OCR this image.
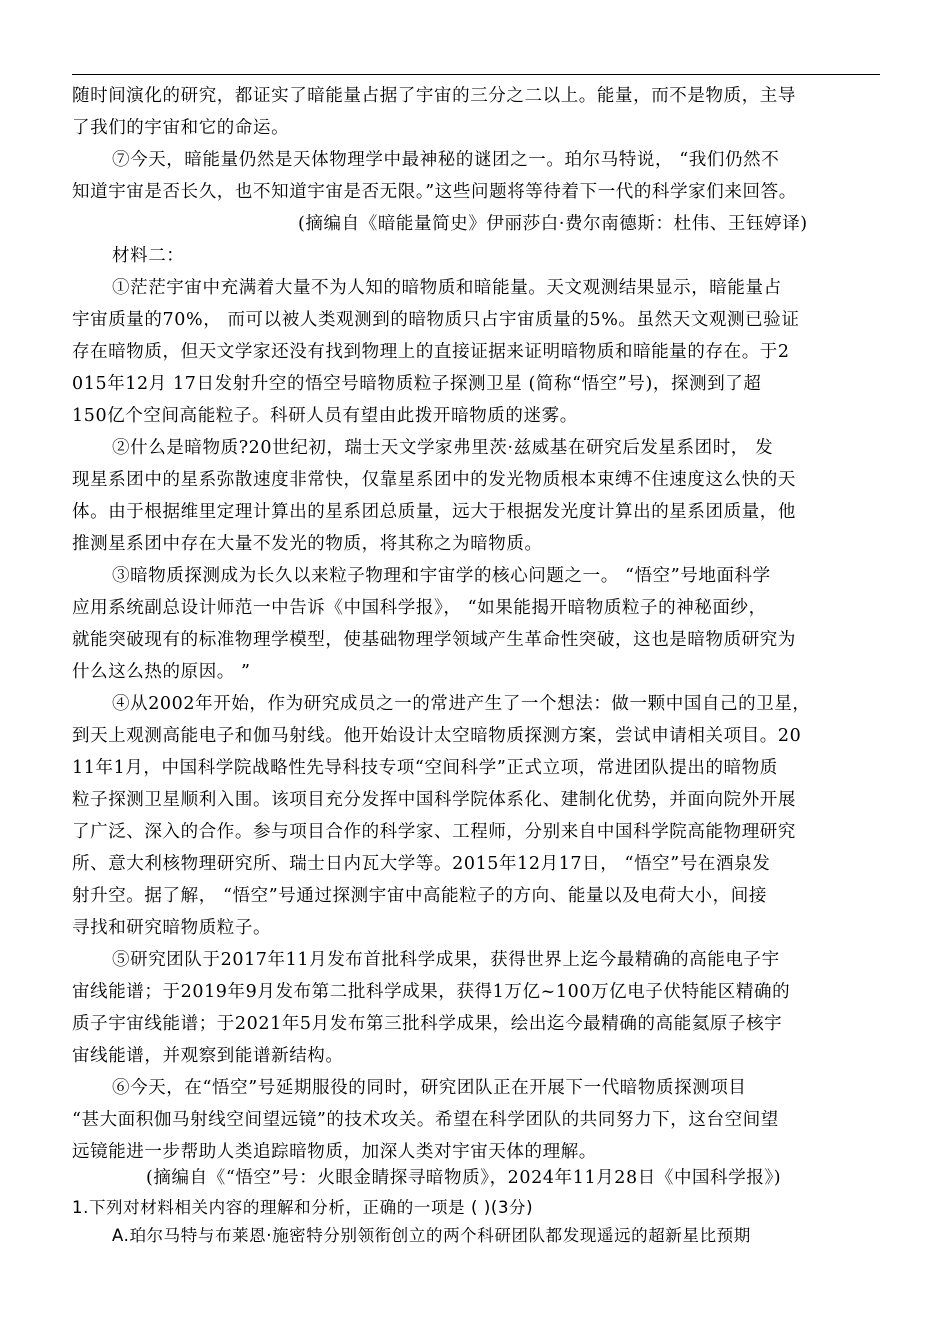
随时间演化的研究，都证实了暗能量占据了宇宙的三分之二以上。能量，而不是物质，主导
了我们的宇宙和它的命运。
⑦今天，暗能量仍然是天体物理学中最神秘的谜团之一。珀尔马特说， “我们仍然不
知道宇宙是否长久，也不知道宇宙是否无限。”这些问题将等待着下一代的科学家们来回答。
(摘编自《暗能量简史》伊丽莎白·费尔南德斯：杜伟、王钰婷译)
材料二：
①茫茫宇宙中充满着大量不为人知的暗物质和暗能量。天文观测结果显示，暗能量占
宇宙质量的70%， 而可以被人类观测到的暗物质只占宇宙质量的5%。虽然天文观测已验证
存在暗物质，但天文学家还没有找到物理上的直接证据来证明暗物质和暗能量的存在。于2
015年12月 17日发射升空的悟空号暗物质粒子探测卫星 (简称“悟空”号)，探测到了超
150亿个空间高能粒子。科研人员有望由此拨开暗物质的迷雾。
②什么是暗物质?20世纪初，瑞士天文学家弗里茨·兹威基在研究后发星系团时， 发
现星系团中的星系弥散速度非常快，仅靠星系团中的发光物质根本束缚不住速度这么快的天
体。由于根据维里定理计算出的星系团总质量，远大于根据发光度计算出的星系团质量，他
推测星系团中存在大量不发光的物质，将其称之为暗物质。
③暗物质探测成为长久以来粒子物理和宇宙学的核心问题之一。 “悟空”号地面科学
应用系统副总设计师范一中告诉《中国科学报》， “如果能揭开暗物质粒子的神秘面纱，
就能突破现有的标准物理学模型，使基础物理学领域产生革命性突破，这也是暗物质研究为
什么这么热的原因。 ”
④从2002年开始，作为研究成员之一的常进产生了一个想法：做一颗中国自己的卫星，
到天上观测高能电子和伽马射线。他开始设计太空暗物质探测方案，尝试申请相关项目。20
11年1月，中国科学院战略性先导科技专项“空间科学”正式立项，常进团队提出的暗物质
粒子探测卫星顺利入围。该项目充分发挥中国科学院体系化、建制化优势，并面向院外开展
了广泛、深入的合作。参与项目合作的科学家、工程师，分别来自中国科学院高能物理研究
所、意大利核物理研究所、瑞士日内瓦大学等。2015年12月17日， “悟空”号在酒泉发
射升空。据了解， “悟空”号通过探测宇宙中高能粒子的方向、能量以及电荷大小，间接
寻找和研究暗物质粒子。
⑤研究团队于2017年11月发布首批科学成果，获得世界上迄今最精确的高能电子宇
宙线能谱；于2019年9月发布第二批科学成果，获得1万亿~100万亿电子伏特能区精确的
质子宇宙线能谱；于2021年5月发布第三批科学成果，绘出迄今最精确的高能氦原子核宇
宙线能谱，并观察到能谱新结构。
⑥今天，在“悟空”号延期服役的同时，研究团队正在开展下一代暗物质探测项目
“甚大面积伽马射线空间望远镜”的技术攻关。希望在科学团队的共同努力下，这台空间望
远镜能进一步帮助人类追踪暗物质，加深人类对宇宙天体的理解。
(摘编自《“悟空”号：火眼金睛探寻暗物质》，2024年11月28日《中国科学报》)
1.下列对材料相关内容的理解和分析，正确的一项是 ( )(3分)
A.珀尔马特与布莱恩·施密特分别领衔创立的两个科研团队都发现遥远的超新星比预期
